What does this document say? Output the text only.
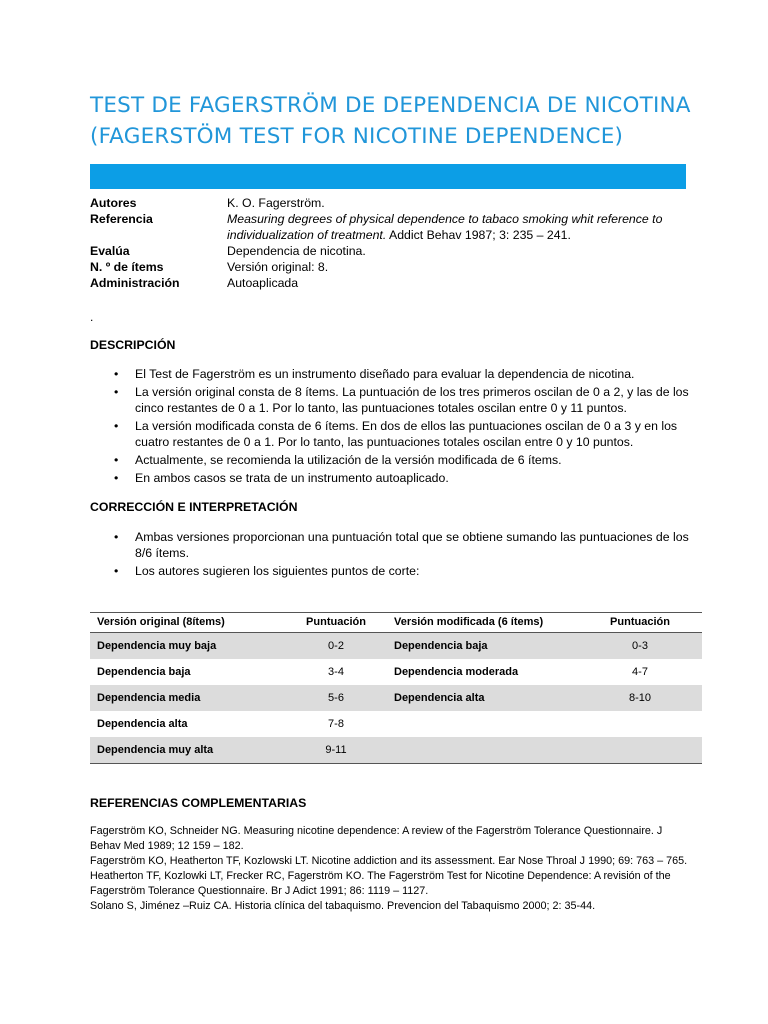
TEST DE FAGERSTRÖM DE DEPENDENCIA DE NICOTINA
(FAGERSTÖM TEST FOR NICOTINE DEPENDENCE)
Autores	K. O. Fagerström.
Referencia	Measuring degrees of physical dependence to tabaco smoking whit reference to individualization of treatment. Addict Behav 1987; 3: 235 – 241.
Evalúa	Dependencia de nicotina.
N. º de ítems	Versión original: 8.
Administración	Autoaplicada
.
DESCRIPCIÓN
• El Test de Fagerström es un instrumento diseñado para evaluar la dependencia de nicotina.
• La versión original consta de 8 ítems. La puntuación de los tres primeros oscilan de 0 a 2, y las de los cinco restantes de 0 a 1. Por lo tanto, las puntuaciones totales oscilan entre 0 y 11 puntos.
• La versión modificada consta de 6 ítems. En dos de ellos las puntuaciones oscilan de 0 a 3 y en los cuatro restantes de 0 a 1. Por lo tanto, las puntuaciones totales oscilan entre 0 y 10 puntos.
• Actualmente, se recomienda la utilización de la versión modificada de 6 ítems.
• En ambos casos se trata de un instrumento autoaplicado.
CORRECCIÓN E INTERPRETACIÓN
• Ambas versiones proporcionan una puntuación total que se obtiene sumando las puntuaciones de los 8/6 ítems.
• Los autores sugieren los siguientes puntos de corte:
Versión original (8ítems)	Puntuación	Versión modificada (6 ítems)	Puntuación
Dependencia muy baja	0-2	Dependencia baja	0-3
Dependencia baja	3-4	Dependencia moderada	4-7
Dependencia media	5-6	Dependencia alta	8-10
Dependencia alta	7-8
Dependencia muy alta	9-11
REFERENCIAS COMPLEMENTARIAS

Fagerström KO, Schneider NG. Measuring nicotine dependence: A review of the Fagerström Tolerance Questionnaire. J Behav Med 1989; 12 159 – 182.

Fagerström KO, Heatherton TF, Kozlowski LT. Nicotine addiction and its assessment. Ear Nose Throal J 1990; 69: 763 – 765.

Heatherton TF, Kozlowki LT, Frecker RC, Fagerström KO. The Fagerström Test for Nicotine Dependence: A revisión of the Fagerström Tolerance Questionnaire. Br J Adict 1991; 86: 1119 – 1127.

Solano S, Jiménez –Ruiz CA. Historia clínica del tabaquismo. Prevencion del Tabaquismo 2000; 2: 35-44.
